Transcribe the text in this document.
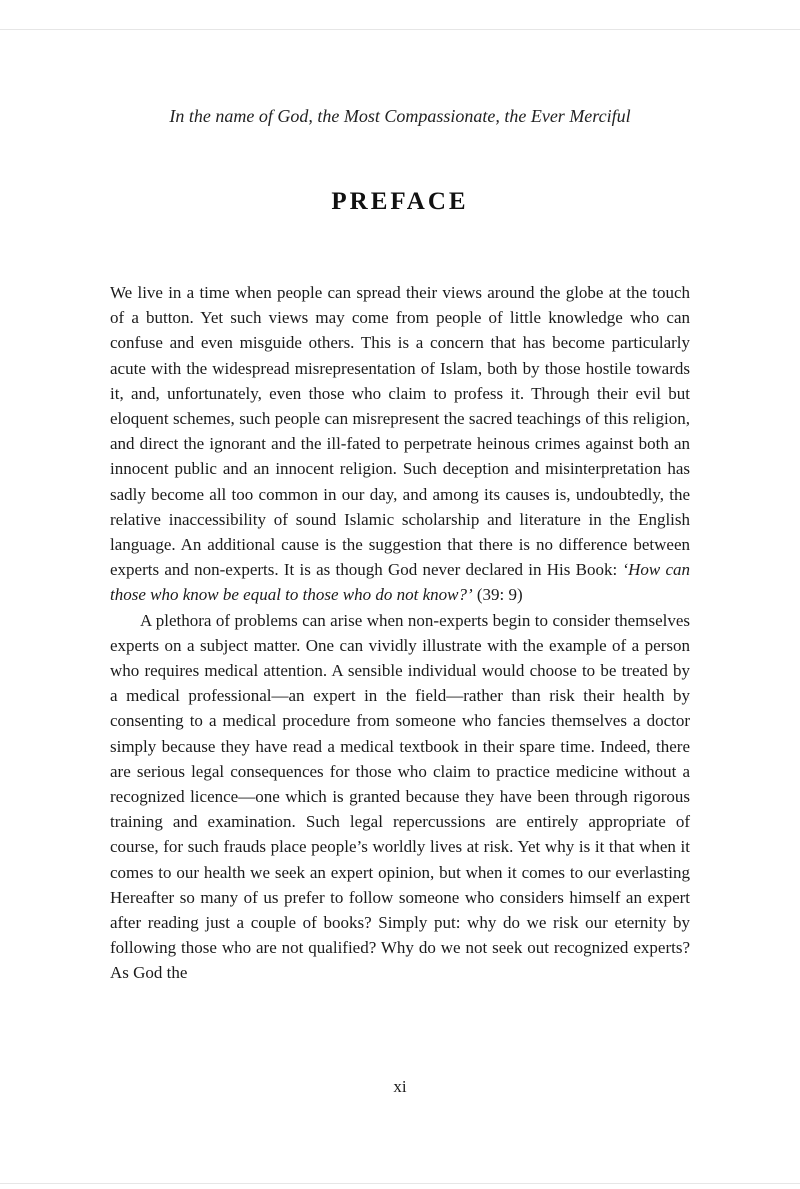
In the name of God, the Most Compassionate, the Ever Merciful
PREFACE

We live in a time when people can spread their views around the globe at the touch of a button. Yet such views may come from people of little knowledge who can confuse and even misguide others. This is a concern that has become particularly acute with the widespread misrepresentation of Islam, both by those hostile towards it, and, unfortunately, even those who claim to profess it. Through their evil but eloquent schemes, such people can misrepresent the sacred teachings of this religion, and direct the ignorant and the ill-fated to perpetrate heinous crimes against both an innocent public and an innocent religion. Such deception and misinterpretation has sadly become all too common in our day, and among its causes is, undoubtedly, the relative inaccessibility of sound Islamic scholarship and literature in the English language. An additional cause is the suggestion that there is no difference between experts and non-experts. It is as though God never declared in His Book: ‘How can those who know be equal to those who do not know?’ (39: 9)

A plethora of problems can arise when non-experts begin to consider themselves experts on a subject matter. One can vividly illustrate with the example of a person who requires medical attention. A sensible individual would choose to be treated by a medical professional—an expert in the field—rather than risk their health by consenting to a medical procedure from someone who fancies themselves a doctor simply because they have read a medical textbook in their spare time. Indeed, there are serious legal consequences for those who claim to practice medicine without a recognized licence—one which is granted because they have been through rigorous training and examination. Such legal repercussions are entirely appropriate of course, for such frauds place people’s worldly lives at risk. Yet why is it that when it comes to our health we seek an expert opinion, but when it comes to our everlasting Hereafter so many of us prefer to follow someone who considers himself an expert after reading just a couple of books? Simply put: why do we risk our eternity by following those who are not qualified? Why do we not seek out recognized experts? As God the

xi
